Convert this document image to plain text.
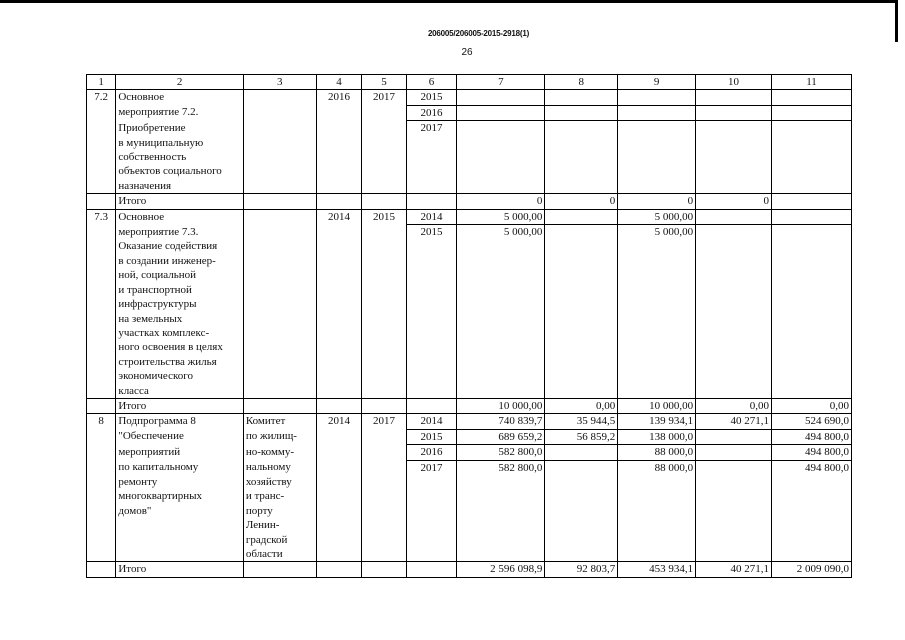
206005/206005-2015-2918(1)
26
1	2	3	4	5	6	7	8	9	10	11
7.2	Основное		2016	2017	2015					
	мероприятие 7.2.				2016					
	Приобретение				2017					
	в муниципальную									
	собственность									
	объектов социального									
	назначения									
	Итого					0	0	0	0	
7.3	Основное		2014	2015	2014	5 000,00		5 000,00		
	мероприятие 7.3.				2015	5 000,00		5 000,00		
	Оказание содействия									
	в создании инженер-									
	ной, социальной									
	и транспортной									
	инфраструктуры									
	на земельных									
	участках комплекс-									
	ного освоения в целях									
	строительства жилья									
	экономического									
	класса									
	Итого					10 000,00	0,00	10 000,00	0,00	0,00
8	Подпрограмма 8	Комитет	2014	2017	2014	740 839,7	35 944,5	139 934,1	40 271,1	524 690,0
	"Обеспечение	по жилищ-			2015	689 659,2	56 859,2	138 000,0		494 800,0
	мероприятий	но-комму-			2016	582 800,0		88 000,0		494 800,0
	по капитальному	нальному			2017	582 800,0		88 000,0		494 800,0
	ремонту	хозяйству								
	многоквартирных	и транс-								
	домов"	порту								
		Ленин-								
		градской								
		области								
	Итого					2 596 098,9	92 803,7	453 934,1	40 271,1	2 009 090,0
